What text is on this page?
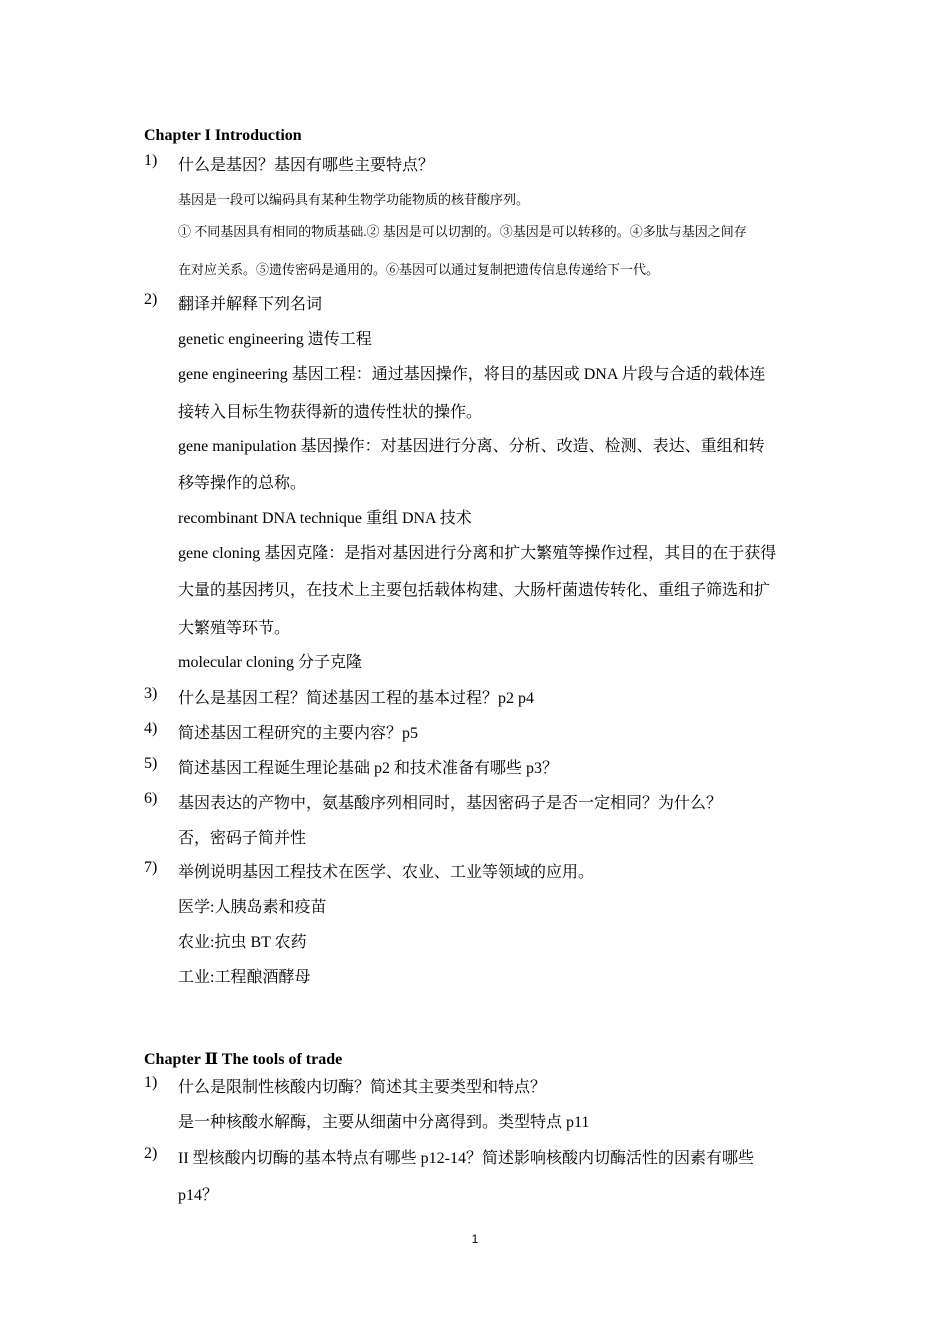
Chapter I Introduction
1) 什么是基因？基因有哪些主要特点？
基因是一段可以编码具有某种生物学功能物质的核苷酸序列。
① 不同基因具有相同的物质基础.② 基因是可以切割的。③基因是可以转移的。④多肽与基因之间存
在对应关系。⑤遗传密码是通用的。⑥基因可以通过复制把遗传信息传递给下一代。
2) 翻译并解释下列名词
genetic engineering 遗传工程
gene engineering 基因工程：通过基因操作，将目的基因或 DNA 片段与合适的载体连
接转入目标生物获得新的遗传性状的操作。
gene manipulation 基因操作：对基因进行分离、分析、改造、检测、表达、重组和转
移等操作的总称。
recombinant DNA technique 重组 DNA 技术
gene cloning 基因克隆：是指对基因进行分离和扩大繁殖等操作过程，其目的在于获得
大量的基因拷贝，在技术上主要包括载体构建、大肠杆菌遗传转化、重组子筛选和扩
大繁殖等环节。
molecular cloning 分子克隆
3) 什么是基因工程？简述基因工程的基本过程？p2 p4
4) 简述基因工程研究的主要内容？p5
5) 简述基因工程诞生理论基础 p2 和技术准备有哪些 p3？
6) 基因表达的产物中，氨基酸序列相同时，基因密码子是否一定相同？为什么？
否，密码子简并性
7) 举例说明基因工程技术在医学、农业、工业等领域的应用。
医学:人胰岛素和疫苗
农业:抗虫 BT 农药
工业:工程酿酒酵母
Chapter Ⅱ The tools of trade
1) 什么是限制性核酸内切酶？简述其主要类型和特点？
是一种核酸水解酶，主要从细菌中分离得到。类型特点 p11
2) II 型核酸内切酶的基本特点有哪些 p12-14？简述影响核酸内切酶活性的因素有哪些
p14？
1
